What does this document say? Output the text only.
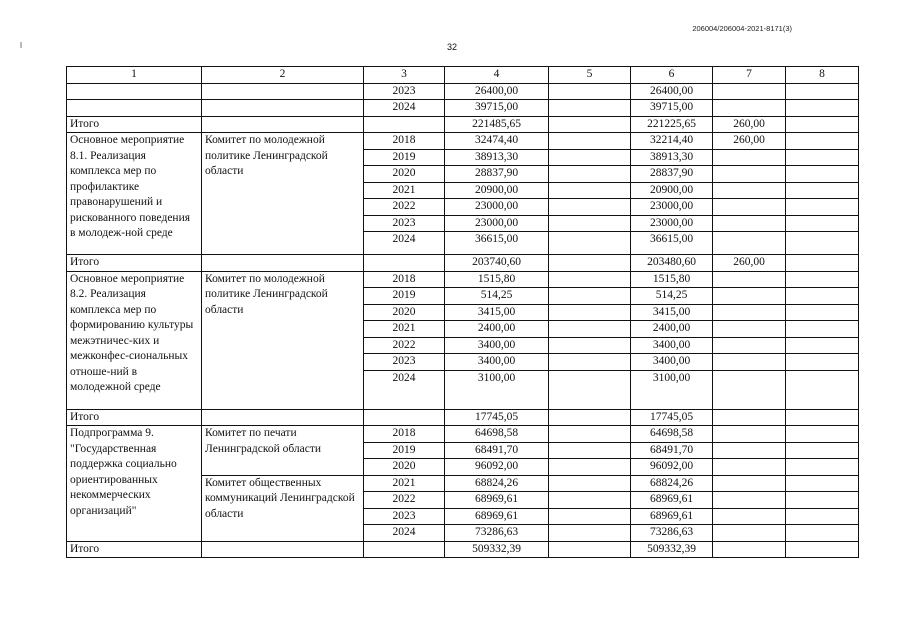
206004/206004-2021-8171(3)
32
1	2	3	4	5	6	7	8
		2023	26400,00		26400,00		
		2024	39715,00		39715,00		
Итого			221485,65		221225,65	260,00	
Основное мероприятие 8.1. Реализация комплекса мер по профилактике правонарушений и рискованного поведения в молодеж-ной среде	Комитет по молодежной политике Ленинградской области	2018	32474,40		32214,40	260,00	
		2019	38913,30		38913,30		
		2020	28837,90		28837,90		
		2021	20900,00		20900,00		
		2022	23000,00		23000,00		
		2023	23000,00		23000,00		
		2024	36615,00		36615,00		
Итого			203740,60		203480,60	260,00	
Основное мероприятие 8.2. Реализация комплекса мер по формированию культуры межэтничес-ких и межконфес-сиональных отноше-ний в молодежной среде	Комитет по молодежной политике Ленинградской области	2018	1515,80		1515,80		
		2019	514,25		514,25		
		2020	3415,00		3415,00		
		2021	2400,00		2400,00		
		2022	3400,00		3400,00		
		2023	3400,00		3400,00		
		2024	3100,00		3100,00		
Итого			17745,05		17745,05		
Подпрограмма 9. "Государственная поддержка социально ориентированных некоммерческих организаций"	Комитет по печати Ленинградской области	2018	64698,58		64698,58		
		2019	68491,70		68491,70		
		2020	96092,00		96092,00		
	Комитет общественных коммуникаций Ленинградской области	2021	68824,26		68824,26		
		2022	68969,61		68969,61		
		2023	68969,61		68969,61		
		2024	73286,63		73286,63		
Итого			509332,39		509332,39		
